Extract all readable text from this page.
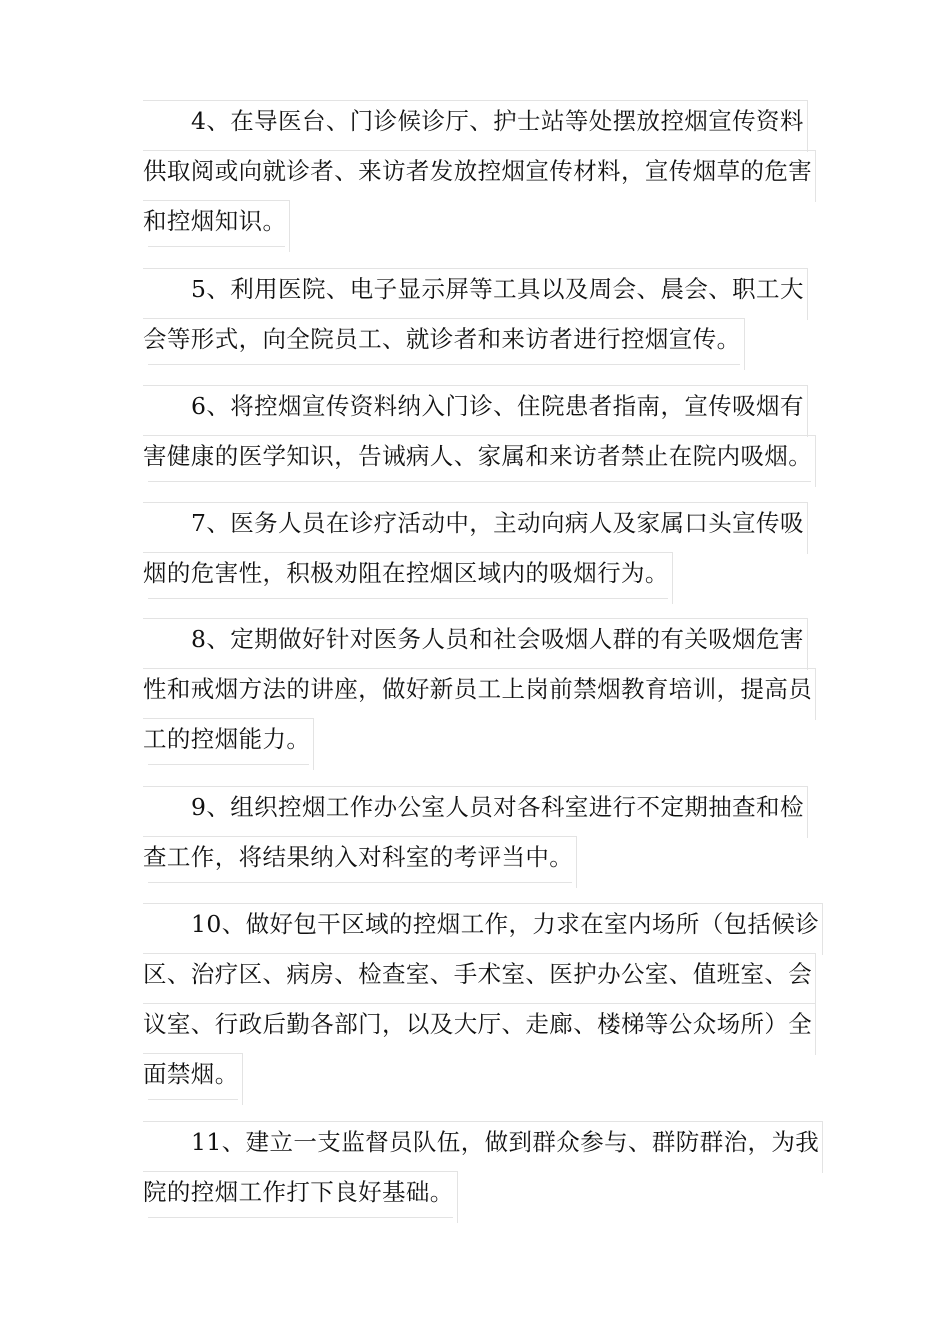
4、在导医台、门诊候诊厅、护士站等处摆放控烟宣传资料
供取阅或向就诊者、来访者发放控烟宣传材料，宣传烟草的危害
和控烟知识。
5、利用医院、电子显示屏等工具以及周会、晨会、职工大
会等形式，向全院员工、就诊者和来访者进行控烟宣传。
6、将控烟宣传资料纳入门诊、住院患者指南，宣传吸烟有
害健康的医学知识，告诫病人、家属和来访者禁止在院内吸烟。
7、医务人员在诊疗活动中，主动向病人及家属口头宣传吸
烟的危害性，积极劝阻在控烟区域内的吸烟行为。
8、定期做好针对医务人员和社会吸烟人群的有关吸烟危害
性和戒烟方法的讲座，做好新员工上岗前禁烟教育培训，提高员
工的控烟能力。
9、组织控烟工作办公室人员对各科室进行不定期抽查和检
查工作，将结果纳入对科室的考评当中。
10、做好包干区域的控烟工作，力求在室内场所（包括候诊
区、治疗区、病房、检查室、手术室、医护办公室、值班室、会
议室、行政后勤各部门，以及大厅、走廊、楼梯等公众场所）全
面禁烟。
11、建立一支监督员队伍，做到群众参与、群防群治，为我
院的控烟工作打下良好基础。
